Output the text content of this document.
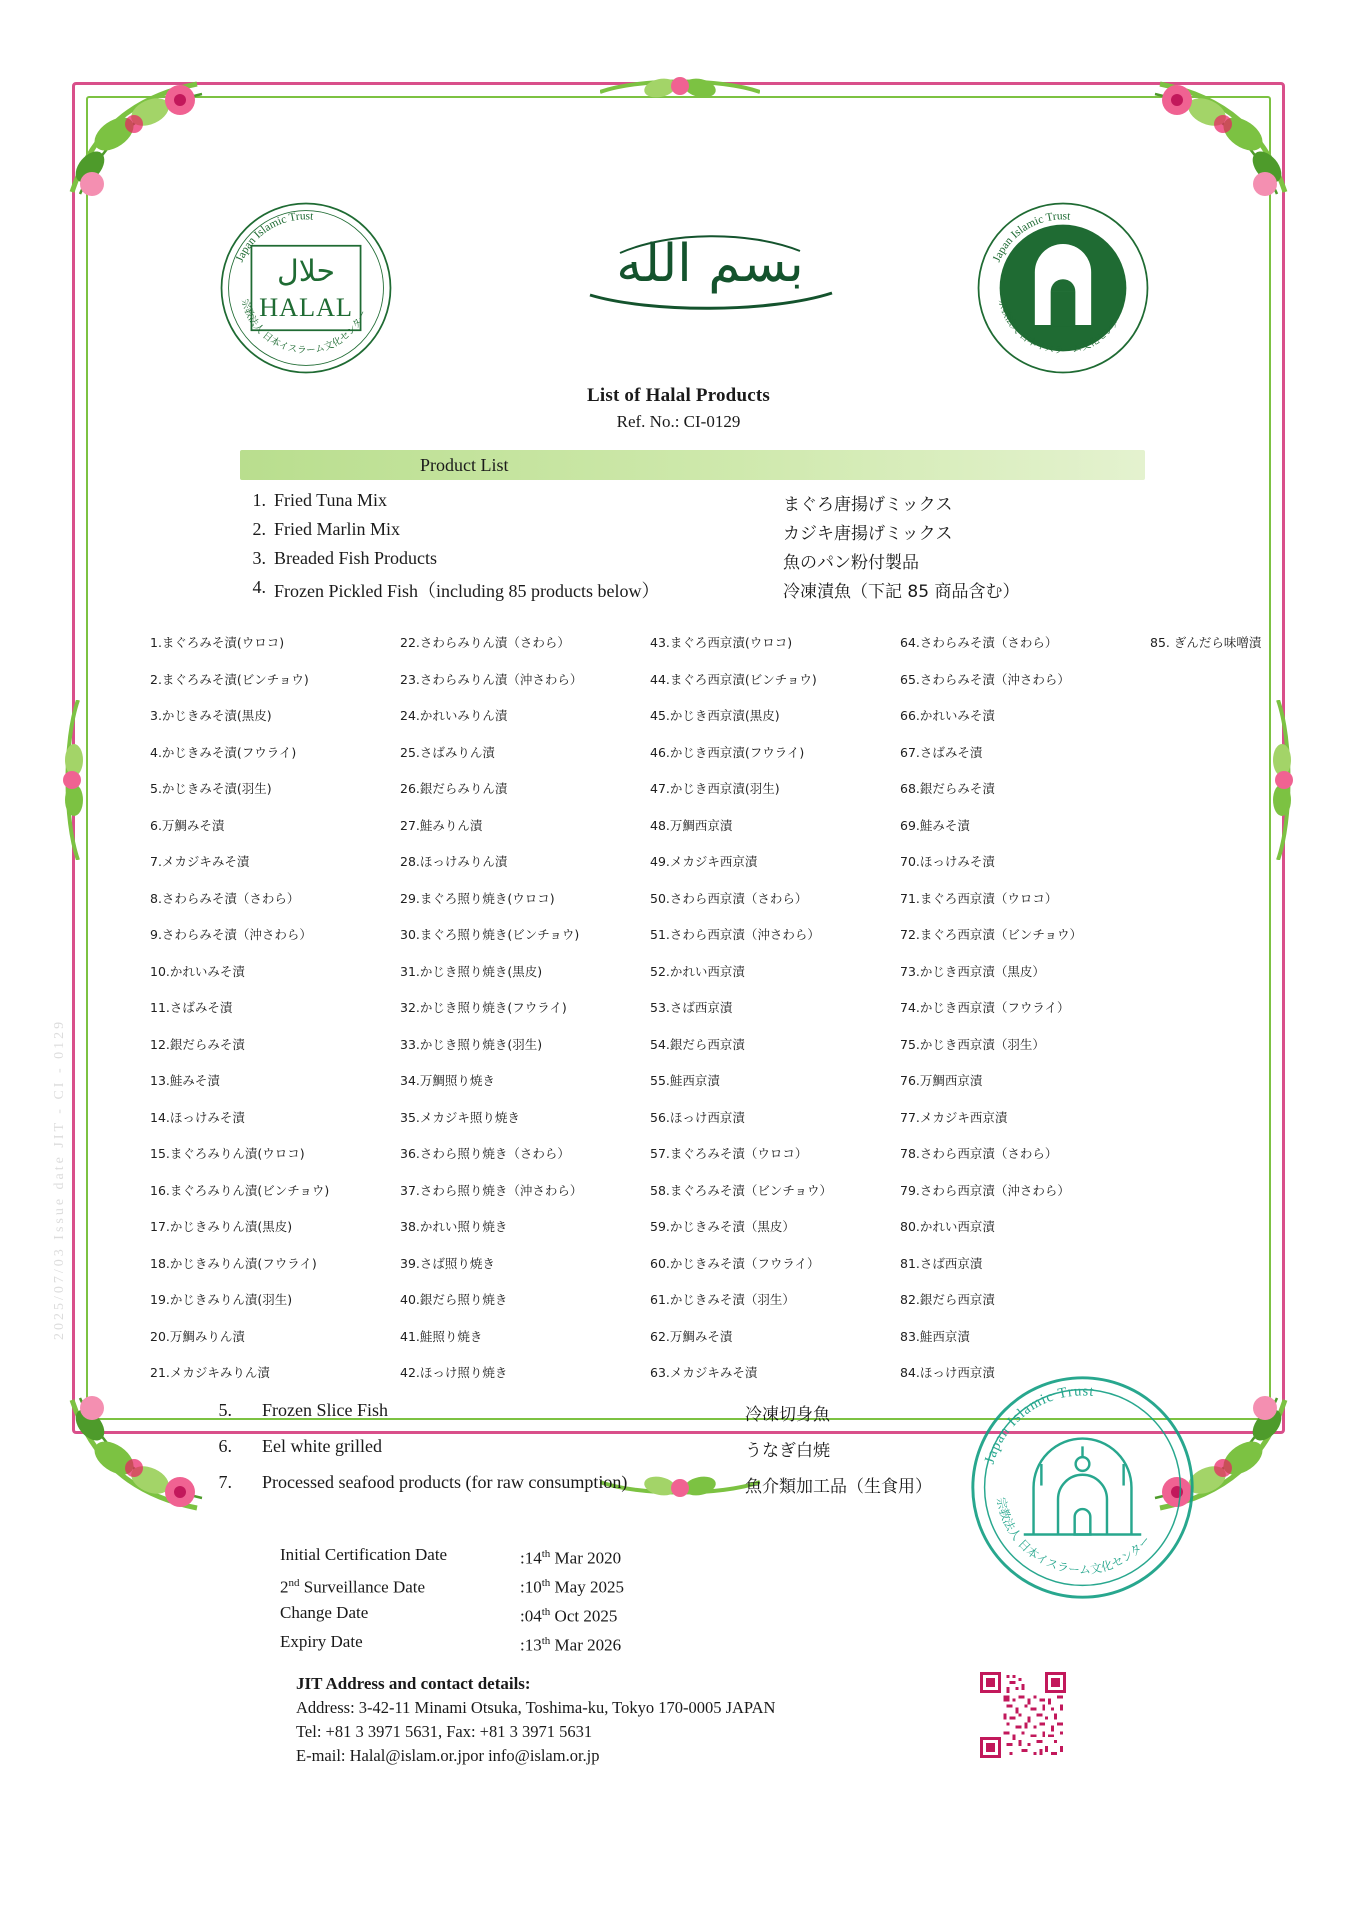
حلال
HALAL
Japan Islamic Trust
宗教法人 日本イスラーム文化センター
Japan Islamic Trust
宗教法人 日本イスラーム文化センター
بسم الله
List of Halal Products
Ref. No.: CI-0129
Product List
1. Fried Tuna Mix	まぐろ唐揚げミックス
2. Fried Marlin Mix	カジキ唐揚げミックス
3. Breaded Fish Products	魚のパン粉付製品
4. Frozen Pickled Fish（including 85 products below）	冷凍漬魚（下記 85 商品含む）
1.まぐろみそ漬(ウロコ)
2.まぐろみそ漬(ビンチョウ)
3.かじきみそ漬(黒皮)
4.かじきみそ漬(フウライ)
5.かじきみそ漬(羽生)
6.万鯛みそ漬
7.メカジキみそ漬
8.さわらみそ漬（さわら）
9.さわらみそ漬（沖さわら）
10.かれいみそ漬
11.さばみそ漬
12.銀だらみそ漬
13.鮭みそ漬
14.ほっけみそ漬
15.まぐろみりん漬(ウロコ)
16.まぐろみりん漬(ビンチョウ)
17.かじきみりん漬(黒皮)
18.かじきみりん漬(フウライ)
19.かじきみりん漬(羽生)
20.万鯛みりん漬
21.メカジキみりん漬
22.さわらみりん漬（さわら）
23.さわらみりん漬（沖さわら）
24.かれいみりん漬
25.さばみりん漬
26.銀だらみりん漬
27.鮭みりん漬
28.ほっけみりん漬
29.まぐろ照り焼き(ウロコ)
30.まぐろ照り焼き(ビンチョウ)
31.かじき照り焼き(黒皮)
32.かじき照り焼き(フウライ)
33.かじき照り焼き(羽生)
34.万鯛照り焼き
35.メカジキ照り焼き
36.さわら照り焼き（さわら）
37.さわら照り焼き（沖さわら）
38.かれい照り焼き
39.さば照り焼き
40.銀だら照り焼き
41.鮭照り焼き
42.ほっけ照り焼き
43.まぐろ西京漬(ウロコ)
44.まぐろ西京漬(ビンチョウ)
45.かじき西京漬(黒皮)
46.かじき西京漬(フウライ)
47.かじき西京漬(羽生)
48.万鯛西京漬
49.メカジキ西京漬
50.さわら西京漬（さわら）
51.さわら西京漬（沖さわら）
52.かれい西京漬
53.さば西京漬
54.銀だら西京漬
55.鮭西京漬
56.ほっけ西京漬
57.まぐろみそ漬（ウロコ）
58.まぐろみそ漬（ビンチョウ）
59.かじきみそ漬（黒皮）
60.かじきみそ漬（フウライ）
61.かじきみそ漬（羽生）
62.万鯛みそ漬
63.メカジキみそ漬
64.さわらみそ漬（さわら）
65.さわらみそ漬（沖さわら）
66.かれいみそ漬
67.さばみそ漬
68.銀だらみそ漬
69.鮭みそ漬
70.ほっけみそ漬
71.まぐろ西京漬（ウロコ）
72.まぐろ西京漬（ビンチョウ）
73.かじき西京漬（黒皮）
74.かじき西京漬（フウライ）
75.かじき西京漬（羽生）
76.万鯛西京漬
77.メカジキ西京漬
78.さわら西京漬（さわら）
79.さわら西京漬（沖さわら）
80.かれい西京漬
81.さば西京漬
82.銀だら西京漬
83.鮭西京漬
84.ほっけ西京漬
85. ぎんだら味噌漬
5. Frozen Slice Fish	冷凍切身魚
6. Eel white grilled	うなぎ白焼
7. Processed seafood products (for raw consumption)	魚介類加工品（生食用）
Initial Certification Date	:14th Mar 2020
2nd Surveillance Date	:10th May 2025
Change Date	:04th Oct 2025
Expiry Date	:13th Mar 2026
JIT Address and contact details:
Address: 3-42-11 Minami Otsuka, Toshima-ku, Tokyo 170-0005 JAPAN
Tel: +81 3 3971 5631, Fax: +81 3 3971 5631
E-mail: Halal@islam.or.jpor info@islam.or.jp
Japan Islamic Trust
宗教法人 日本イスラーム文化センター
2025/07/03 Issue date JIT - CI - 0129
